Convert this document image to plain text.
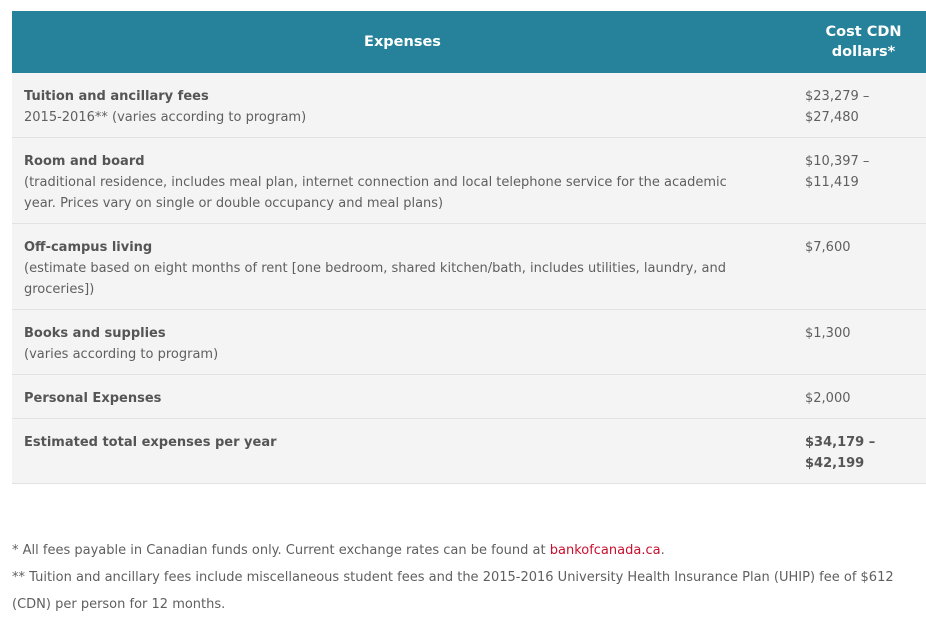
Expenses	Cost CDN dollars*

Tuition and ancillary fees
2015-2016** (varies according to program)	$23,279 – $27,480

Room and board
(traditional residence, includes meal plan, internet connection and local telephone service for the academic year. Prices vary on single or double occupancy and meal plans)	$10,397 – $11,419

Off-campus living
(estimate based on eight months of rent [one bedroom, shared kitchen/bath, includes utilities, laundry, and groceries])	$7,600

Books and supplies
(varies according to program)	$1,300

Personal Expenses	$2,000

Estimated total expenses per year	$34,179 – $42,199

* All fees payable in Canadian funds only. Current exchange rates can be found at bankofcanada.ca.

** Tuition and ancillary fees include miscellaneous student fees and the 2015-2016 University Health Insurance Plan (UHIP) fee of $612 (CDN) per person for 12 months.
